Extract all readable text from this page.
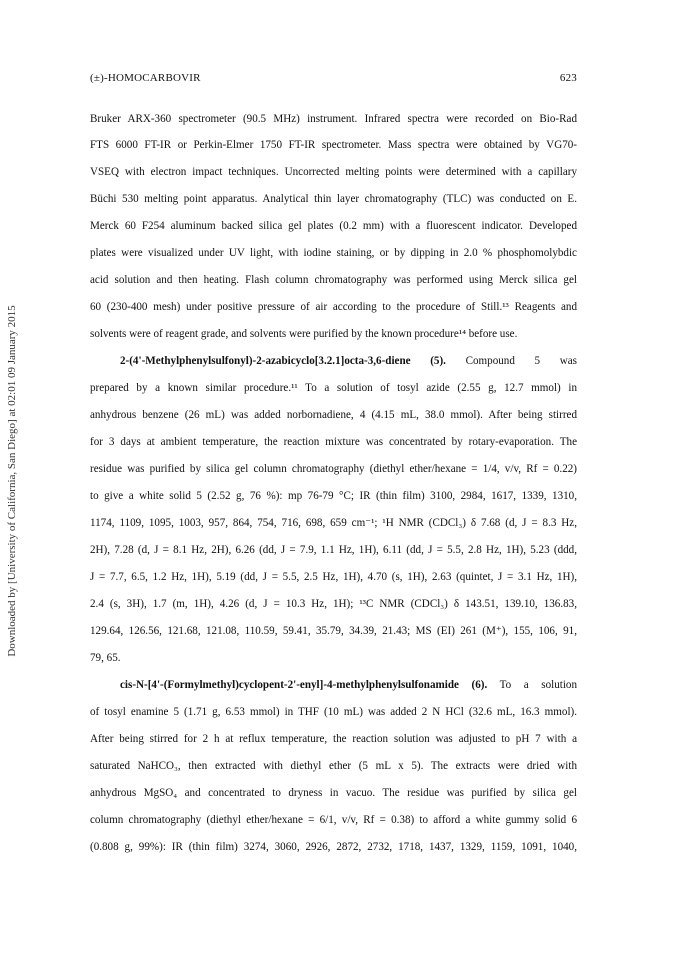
Downloaded by [University of California, San Diego] at 02:01 09 January 2015
(±)-HOMOCARBOVIR	623
Bruker ARX-360 spectrometer (90.5 MHz) instrument. Infrared spectra were recorded on Bio-Rad
FTS 6000 FT-IR or Perkin-Elmer 1750 FT-IR spectrometer. Mass spectra were obtained by VG70-
VSEQ with electron impact techniques. Uncorrected melting points were determined with a capillary
Büchi 530 melting point apparatus. Analytical thin layer chromatography (TLC) was conducted on E.
Merck 60 F254 aluminum backed silica gel plates (0.2 mm) with a fluorescent indicator. Developed
plates were visualized under UV light, with iodine staining, or by dipping in 2.0 % phosphomolybdic
acid solution and then heating. Flash column chromatography was performed using Merck silica gel
60 (230-400 mesh) under positive pressure of air according to the procedure of Still.¹³ Reagents and
solvents were of reagent grade, and solvents were purified by the known procedure¹⁴ before use.
2-(4'-Methylphenylsulfonyl)-2-azabicyclo[3.2.1]octa-3,6-diene (5). Compound 5 was
prepared by a known similar procedure.¹¹ To a solution of tosyl azide (2.55 g, 12.7 mmol) in
anhydrous benzene (26 mL) was added norbornadiene, 4 (4.15 mL, 38.0 mmol). After being stirred
for 3 days at ambient temperature, the reaction mixture was concentrated by rotary-evaporation. The
residue was purified by silica gel column chromatography (diethyl ether/hexane = 1/4, v/v, Rf = 0.22)
to give a white solid 5 (2.52 g, 76 %): mp 76-79 °C; IR (thin film) 3100, 2984, 1617, 1339, 1310,
1174, 1109, 1095, 1003, 957, 864, 754, 716, 698, 659 cm⁻¹; ¹H NMR (CDCl₃) δ 7.68 (d, J = 8.3 Hz,
2H), 7.28 (d, J = 8.1 Hz, 2H), 6.26 (dd, J = 7.9, 1.1 Hz, 1H), 6.11 (dd, J = 5.5, 2.8 Hz, 1H), 5.23 (ddd,
J = 7.7, 6.5, 1.2 Hz, 1H), 5.19 (dd, J = 5.5, 2.5 Hz, 1H), 4.70 (s, 1H), 2.63 (quintet, J = 3.1 Hz, 1H),
2.4 (s, 3H), 1.7 (m, 1H), 4.26 (d, J = 10.3 Hz, 1H); ¹³C NMR (CDCl₃) δ 143.51, 139.10, 136.83,
129.64, 126.56, 121.68, 121.08, 110.59, 59.41, 35.79, 34.39, 21.43; MS (EI) 261 (M⁺), 155, 106, 91,
79, 65.
cis-N-[4'-(Formylmethyl)cyclopent-2'-enyl]-4-methylphenylsulfonamide (6). To a solution
of tosyl enamine 5 (1.71 g, 6.53 mmol) in THF (10 mL) was added 2 N HCl (32.6 mL, 16.3 mmol).
After being stirred for 2 h at reflux temperature, the reaction solution was adjusted to pH 7 with a
saturated NaHCO₃, then extracted with diethyl ether (5 mL x 5). The extracts were dried with
anhydrous MgSO₄ and concentrated to dryness in vacuo. The residue was purified by silica gel
column chromatography (diethyl ether/hexane = 6/1, v/v, Rf = 0.38) to afford a white gummy solid 6
(0.808 g, 99%): IR (thin film) 3274, 3060, 2926, 2872, 2732, 1718, 1437, 1329, 1159, 1091, 1040,
